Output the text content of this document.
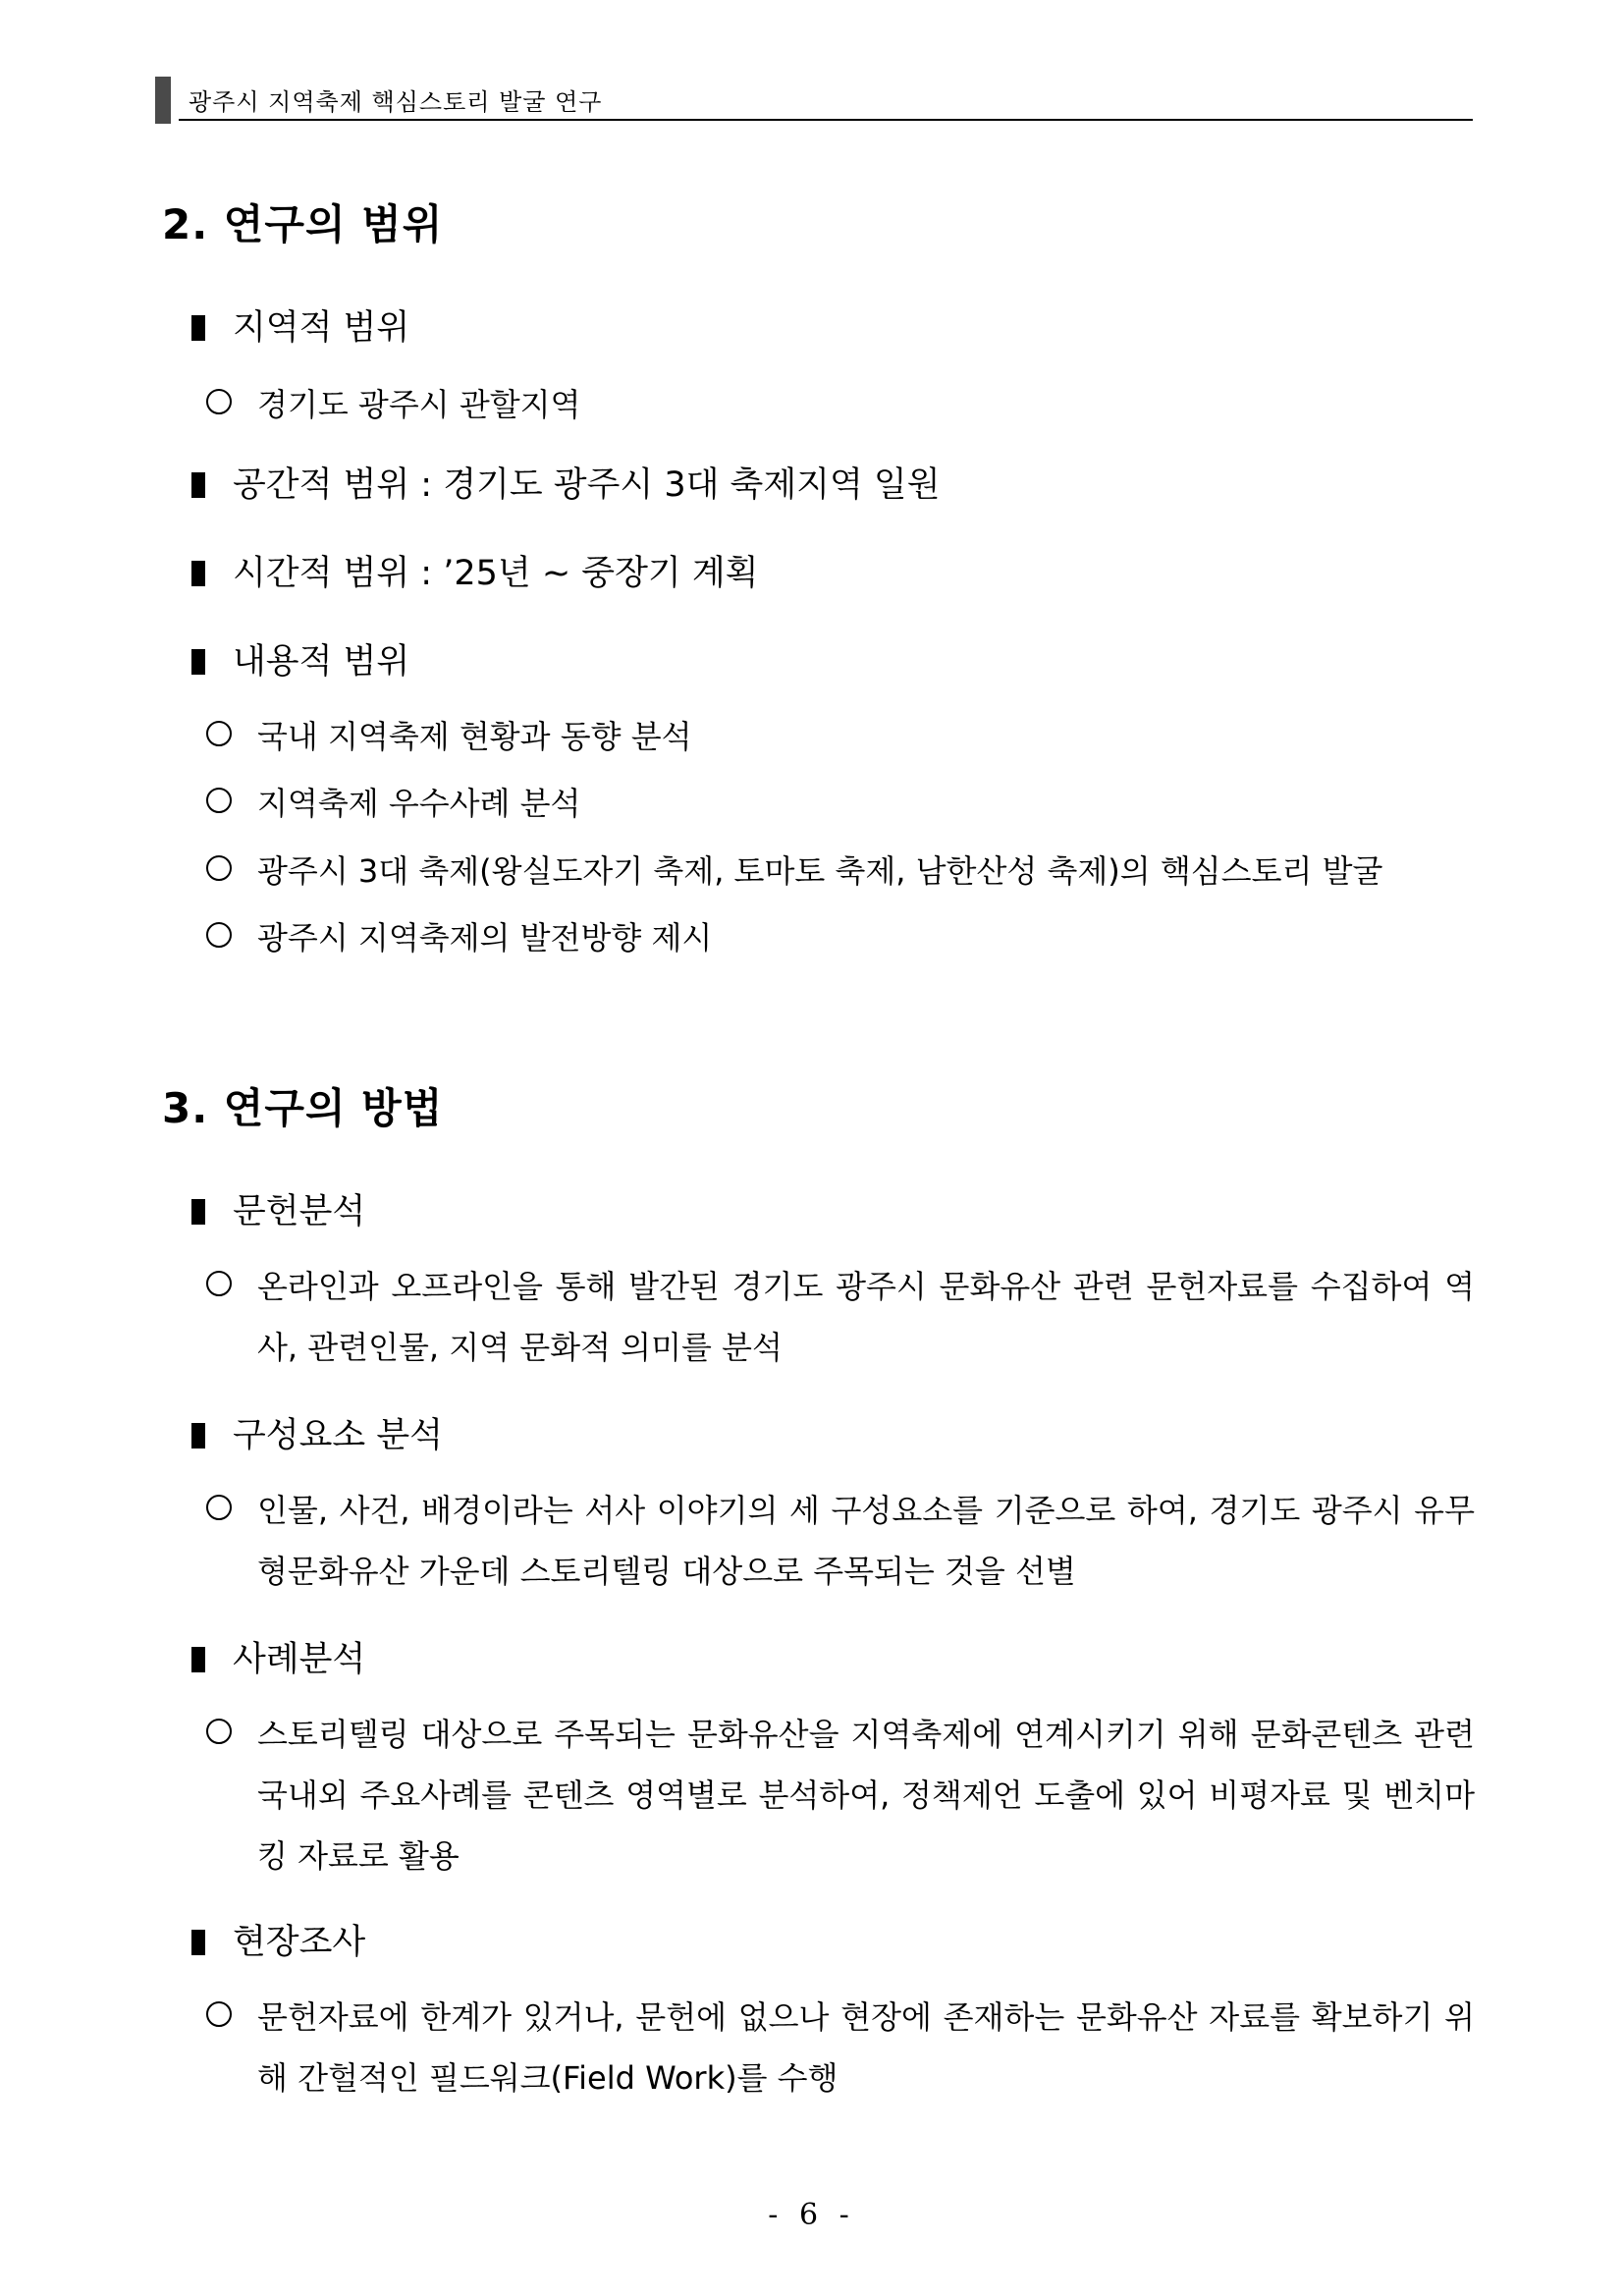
광주시 지역축제 핵심스토리 발굴 연구
2. 연구의 범위
지역적 범위
경기도 광주시 관할지역
공간적 범위 : 경기도 광주시 3대 축제지역 일원
시간적 범위 : ’25년 ~ 중장기 계획
내용적 범위
국내 지역축제 현황과 동향 분석
지역축제 우수사례 분석
광주시 3대 축제(왕실도자기 축제, 토마토 축제, 남한산성 축제)의 핵심스토리 발굴
광주시 지역축제의 발전방향 제시
3. 연구의 방법
문헌분석
온라인과 오프라인을 통해 발간된 경기도 광주시 문화유산 관련 문헌자료를 수집하여 역사, 관련인물, 지역 문화적 의미를 분석
구성요소 분석
인물, 사건, 배경이라는 서사 이야기의 세 구성요소를 기준으로 하여, 경기도 광주시 유무형문화유산 가운데 스토리텔링 대상으로 주목되는 것을 선별
사례분석
스토리텔링 대상으로 주목되는 문화유산을 지역축제에 연계시키기 위해 문화콘텐츠 관련 국내외 주요사례를 콘텐츠 영역별로 분석하여, 정책제언 도출에 있어 비평자료 및 벤치마킹 자료로 활용
현장조사
문헌자료에 한계가 있거나, 문헌에 없으나 현장에 존재하는 문화유산 자료를 확보하기 위해 간헐적인 필드워크(Field Work)를 수행
- 6 -
